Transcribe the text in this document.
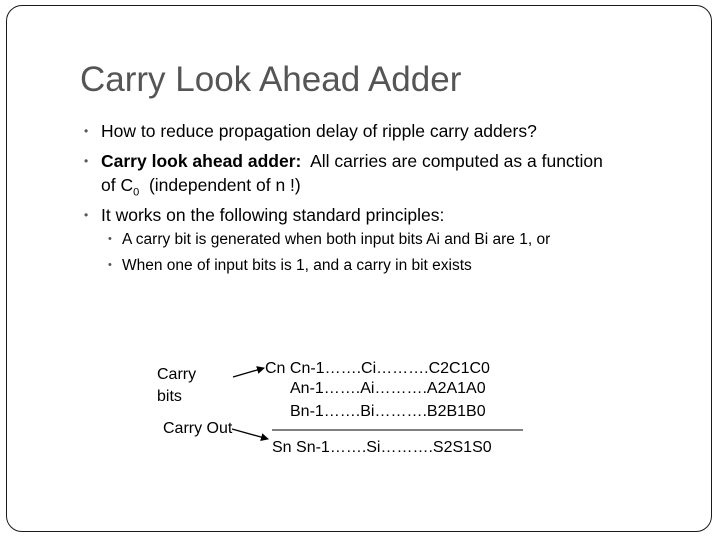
Carry Look Ahead Adder
• How to reduce propagation delay of ripple carry adders?
• Carry look ahead adder:  All carries are computed as a function
of $C_0$  (independent of n !)
• It works on the following standard principles:
• A carry bit is generated when both input bits Ai and Bi are 1, or
• When one of input bits is 1, and a carry in bit exists
Carry
bits
Carry Out
Cn Cn-1…….Ci……….C2C1C0
An-1…….Ai……….A2A1A0
Bn-1…….Bi……….B2B1B0
Sn Sn-1…….Si……….S2S1S0
